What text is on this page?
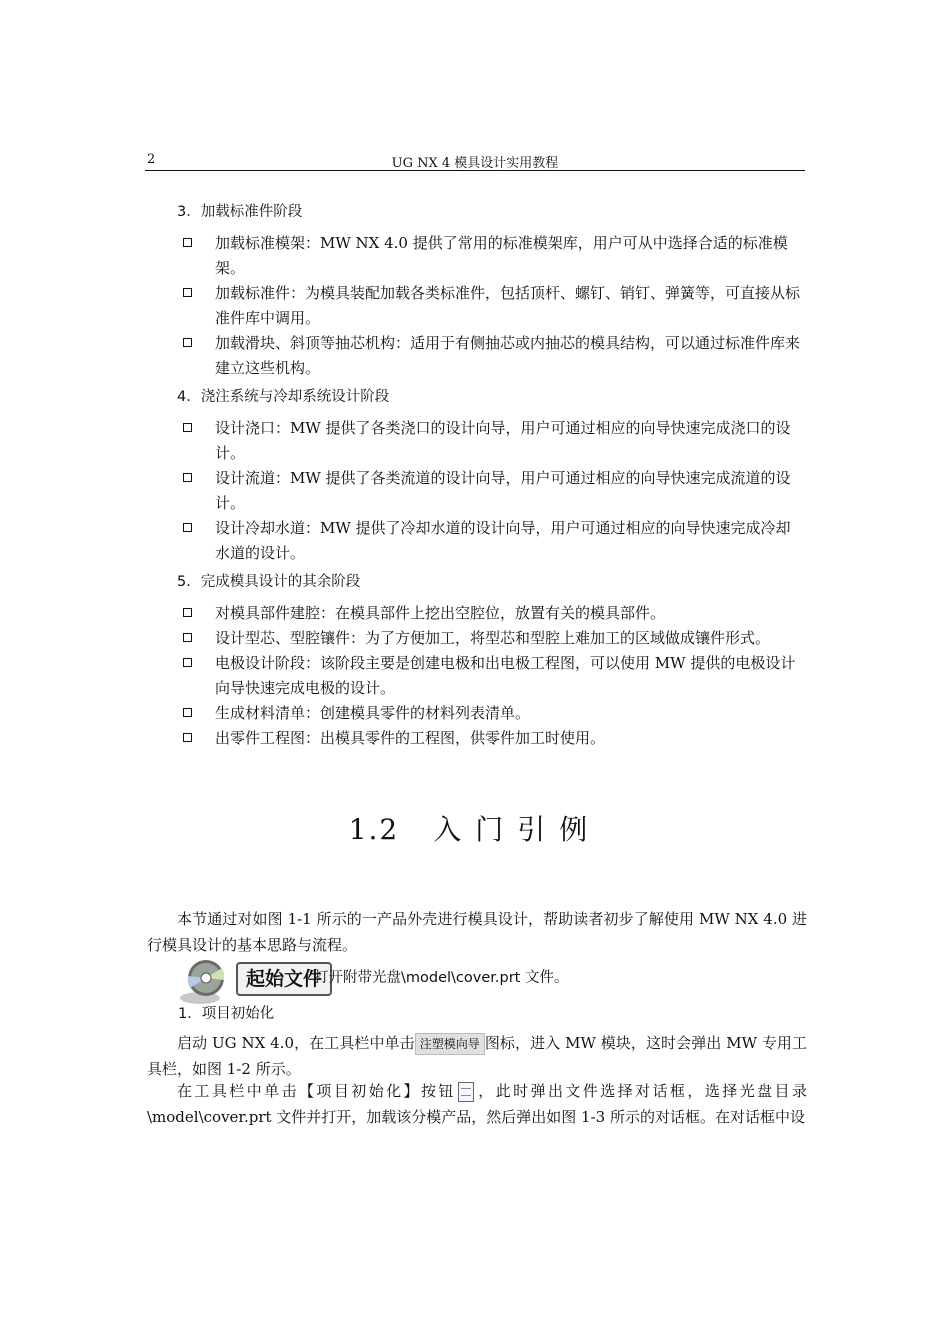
2	UG NX 4 模具设计实用教程
3．加载标准件阶段
加载标准模架：MW NX 4.0 提供了常用的标准模架库，用户可从中选择合适的标准模架。
加载标准件：为模具装配加载各类标准件，包括顶杆、螺钉、销钉、弹簧等，可直接从标准件库中调用。
加载滑块、斜顶等抽芯机构：适用于有侧抽芯或内抽芯的模具结构，可以通过标准件库来建立这些机构。
4．浇注系统与冷却系统设计阶段
设计浇口：MW 提供了各类浇口的设计向导，用户可通过相应的向导快速完成浇口的设计。
设计流道：MW 提供了各类流道的设计向导，用户可通过相应的向导快速完成流道的设计。
设计冷却水道：MW 提供了冷却水道的设计向导，用户可通过相应的向导快速完成冷却水道的设计。
5．完成模具设计的其余阶段
对模具部件建腔：在模具部件上挖出空腔位，放置有关的模具部件。
设计型芯、型腔镶件：为了方便加工，将型芯和型腔上难加工的区域做成镶件形式。
电极设计阶段：该阶段主要是创建电极和出电极工程图，可以使用 MW 提供的电极设计向导快速完成电极的设计。
生成材料清单：创建模具零件的材料列表清单。
出零件工程图：出模具零件的工程图，供零件加工时使用。
1.2 入门引例
本节通过对如图 1-1 所示的一产品外壳进行模具设计，帮助读者初步了解使用 MW NX 4.0 进行模具设计的基本思路与流程。
起始文件
打开附带光盘\model\cover.prt 文件。
1．项目初始化
启动 UG NX 4.0，在工具栏中单击 注塑模向导 图标，进入 MW 模块，这时会弹出 MW 专用工具栏，如图 1-2 所示。
在工具栏中单击【项目初始化】按钮 ，此时弹出文件选择对话框，选择光盘目录\model\cover.prt 文件并打开，加载该分模产品，然后弹出如图 1-3 所示的对话框。在对话框中设
